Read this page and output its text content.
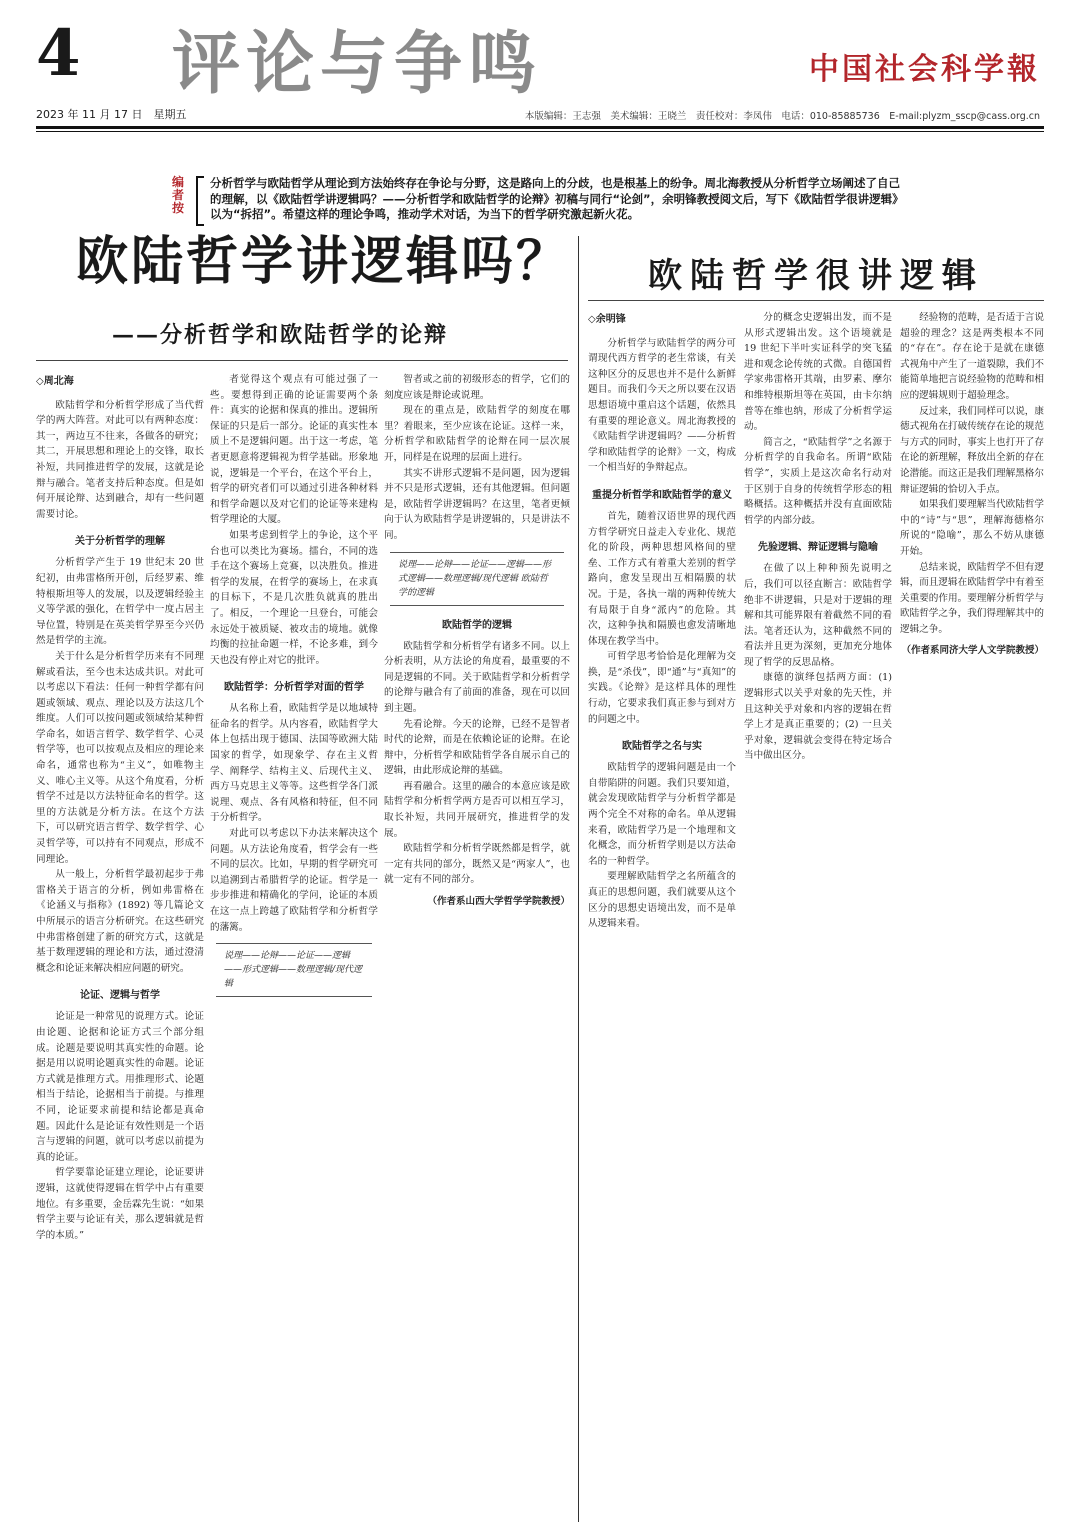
4
2023 年 11 月 17 日　星期五
评论与争鸣	中国社会科学報
本版编辑：王志强　美术编辑：王晓兰　责任校对：李凤伟　电话：010-85885736　E-mail:plyzm_sscp@cass.org.cn
编
者
按
分析哲学与欧陆哲学从理论到方法始终存在争论与分野，这是路向上的分歧，也是根基上的纷争。周北海教授从分析哲学立场阐述了自己的理解，以《欧陆哲学讲逻辑吗？——分析哲学和欧陆哲学的论辩》初稿与同行“论剑”，余明锋教授阅文后，写下《欧陆哲学很讲逻辑》以为“拆招”。希望这样的理论争鸣，推动学术对话，为当下的哲学研究激起新火花。
欧陆哲学讲逻辑吗？
——分析哲学和欧陆哲学的论辩
欧陆哲学很讲逻辑

◇周北海

欧陆哲学和分析哲学形成了当代哲学的两大阵营。对此可以有两种态度：其一，两边互不往来，各做各的研究；其二，开展思想和理论上的交锋，取长补短，共同推进哲学的发展，这就是论辩与融合。笔者支持后种态度。但是如何开展论辩、达到融合，却有一些问题需要讨论。

关于分析哲学的理解

分析哲学产生于 19 世纪末 20 世纪初，由弗雷格所开创，后经罗素、维特根斯坦等人的发展，以及逻辑经验主义等学派的强化，在哲学中一度占居主导位置，特别是在英美哲学界至今兴仍然是哲学的主流。

关于什么是分析哲学历来有不同理解或看法，至今也未达成共识。对此可以考虑以下看法：任何一种哲学都有问题或领域、观点、理论以及方法这几个维度。人们可以按问题或领域给某种哲学命名，如语言哲学、数学哲学、心灵哲学等，也可以按观点及相应的理论来命名，通常也称为“主义”，如唯物主义、唯心主义等。从这个角度看，分析哲学不过是以方法特征命名的哲学。这里的方法就是分析方法。在这个方法下，可以研究语言哲学、数学哲学、心灵哲学等，可以持有不同观点，形成不同理论。

从一般上，分析哲学最初起步于弗雷格关于语言的分析，例如弗雷格在《论涵义与指称》(1892) 等几篇论文中所展示的语言分析研究。在这些研究中弗雷格创建了新的研究方式，这就是基于数理逻辑的理论和方法，通过澄清概念和论证来解决相应问题的研究。

论证、逻辑与哲学

论证是一种常见的说理方式。论证由论题、论据和论证方式三个部分组成。论题是要说明其真实性的命题。论据是用以说明论题真实性的命题。论证方式就是推理方式。用推理形式、论题相当于结论，论据相当于前提。与推理不同，论证要求前提和结论都是真命题。因此什么是论证有效性则是一个语言与逻辑的问题，就可以考虑以前提为真的论证。

哲学要靠论证建立理论，论证要讲逻辑，这就使得逻辑在哲学中占有重要地位。有多重要，金岳霖先生说：“如果哲学主要与论证有关，那么逻辑就是哲学的本质。”

者觉得这个观点有可能过强了一些。要想得到正确的论证需要两个条件：真实的论据和保真的推出。逻辑所保证的只是后一部分。论证的真实性本质上不是逻辑问题。出于这一考虑，笔者更愿意将逻辑视为哲学基础。形象地说，逻辑是一个平台，在这个平台上，哲学的研究者们可以通过引进各种材料和哲学命题以及对它们的论证等来建构哲学理论的大厦。

如果考虑到哲学上的争论，这个平台也可以类比为赛场。擂台，不同的选手在这个赛场上竞赛，以决胜负。推进哲学的发展，在哲学的赛场上，在求真的目标下，不是几次胜负就真的胜出了。相反，一个理论一旦登台，可能会永远处于被质疑、被攻击的境地。就像均衡的拉扯命题一样，不论多难，到今天也没有停止对它的批评。

欧陆哲学：分析哲学对面的哲学

从名称上看，欧陆哲学是以地域特征命名的哲学。从内容看，欧陆哲学大体上包括出现于德国、法国等欧洲大陆国家的哲学，如现象学、存在主义哲学、阐释学、结构主义、后现代主义、西方马克思主义等等。这些哲学各门派说理、观点、各有风格和特征，但不同于分析哲学。

对此可以考虑以下办法来解决这个问题。从方法论角度看，哲学会有一些不同的层次。比如，早期的哲学研究可以追溯到古希腊哲学的论证。哲学是一步步推进和精确化的学问，论证的本质在这一点上跨越了欧陆哲学和分析哲学的藩篱。

说理——论辩——论证——逻辑——形式逻辑——数理逻辑/现代逻辑

智者或之前的初级形态的哲学，它们的刻度应该是辩论或说理。

现在的重点是，欧陆哲学的刻度在哪里？着眼来，至少应该在论证。这样一来，分析哲学和欧陆哲学的论辩在同一层次展开，同样是在说理的层面上进行。

其实不讲形式逻辑不是问题，因为逻辑并不只是形式逻辑，还有其他逻辑。但问题是，欧陆哲学讲逻辑吗？在这里，笔者更倾向于认为欧陆哲学是讲逻辑的，只是讲法不同。

说理——论辩——论证——逻辑——形式逻辑——数理逻辑/现代逻辑 欧陆哲学的逻辑

欧陆哲学的逻辑

欧陆哲学和分析哲学有诸多不同。以上分析表明，从方法论的角度看，最重要的不同是逻辑的不同。关于欧陆哲学和分析哲学的论辩与融合有了前面的准备，现在可以回到主题。

先看论辩。今天的论辩，已经不是智者时代的论辩，而是在依赖论证的论辩。在论辩中，分析哲学和欧陆哲学各自展示自己的逻辑，由此形成论辩的基础。

再看融合。这里的融合的本意应该是欧陆哲学和分析哲学两方是否可以相互学习，取长补短，共同开展研究，推进哲学的发展。

欧陆哲学和分析哲学既然都是哲学，就一定有共同的部分，既然又是“两家人”，也就一定有不同的部分。

（作者系山西大学哲学学院教授）

◇余明锋

分析哲学与欧陆哲学的两分可谓现代西方哲学的老生常谈，有关这种区分的反思也并不是什么新鲜题目。而我们今天之所以要在汉语思想语境中重启这个话题，依然具有重要的理论意义。周北海教授的《欧陆哲学讲逻辑吗？——分析哲学和欧陆哲学的论辩》一文，构成一个相当好的争辩起点。

重提分析哲学和欧陆哲学的意义

首先，随着汉语世界的现代西方哲学研究日益走入专业化、规范化的阶段，两种思想风格间的壁垒、工作方式有着重大差别的哲学路向，愈发呈现出互相隔膜的状况。于是，各执一端的两种传统大有局限于自身“派内”的危险。其次，这种争执和隔膜也愈发清晰地体现在教学当中。

可哲学思考恰恰是化理解为交换，是“杀伐”，即“通”与“真知”的实践。《论辩》是这样具体的理性行动，它要求我们真正参与到对方的问题之中。

欧陆哲学之名与实

欧陆哲学的逻辑问题是由一个自带陷阱的问题。我们只要知道，就会发现欧陆哲学与分析哲学都是两个完全不对称的命名。单从逻辑来看，欧陆哲学乃是一个地理和文化概念，而分析哲学则是以方法命名的一种哲学。

要理解欧陆哲学之名所蕴含的真正的思想问题，我们就要从这个区分的思想史语境出发，而不是单从逻辑来看。

分的概念史逻辑出发，而不是从形式逻辑出发。这个语境就是 19 世纪下半叶实证科学的突飞猛进和观念论传统的式微。自德国哲学家弗雷格开其端，由罗素、摩尔和维特根斯坦等在英国，由卡尔纳普等在维也纳，形成了分析哲学运动。

简言之，“欧陆哲学”之名源于分析哲学的自我命名。所谓“欧陆哲学”，实质上是这次命名行动对于区别于自身的传统哲学形态的粗略概括。这种概括并没有直面欧陆哲学的内部分歧。

先验逻辑、辩证逻辑与隐喻

在做了以上种种预先说明之后，我们可以径直断言：欧陆哲学绝非不讲逻辑，只是对于逻辑的理解和其可能界限有着截然不同的看法。笔者还认为，这种截然不同的看法并且更为深刻，更加充分地体现了哲学的反思品格。

康德的演绎包括两方面：(1) 逻辑形式以关乎对象的先天性，并且这种关乎对象和内容的逻辑在哲学上才是真正重要的；(2) 一旦关乎对象，逻辑就会变得在特定场合当中做出区分。

经验物的范畴，是否适于言说超验的理念？这是两类根本不同的“存在”。存在论于是就在康德式视角中产生了一道裂隙，我们不能简单地把言说经验物的范畴和相应的逻辑规则于超验理念。

反过来，我们同样可以说，康德式视角在打破传统存在论的规范与方式的同时，事实上也打开了存在论的新理解，释放出全新的存在论潜能。而这正是我们理解黑格尔辩证逻辑的恰切入手点。

如果我们要理解当代欧陆哲学中的“诗”与“思”，理解海德格尔所说的“隐喻”，那么不妨从康德开始。

总结来说，欧陆哲学不但有逻辑，而且逻辑在欧陆哲学中有着至关重要的作用。要理解分析哲学与欧陆哲学之争，我们得理解其中的逻辑之争。

（作者系同济大学人文学院教授）
